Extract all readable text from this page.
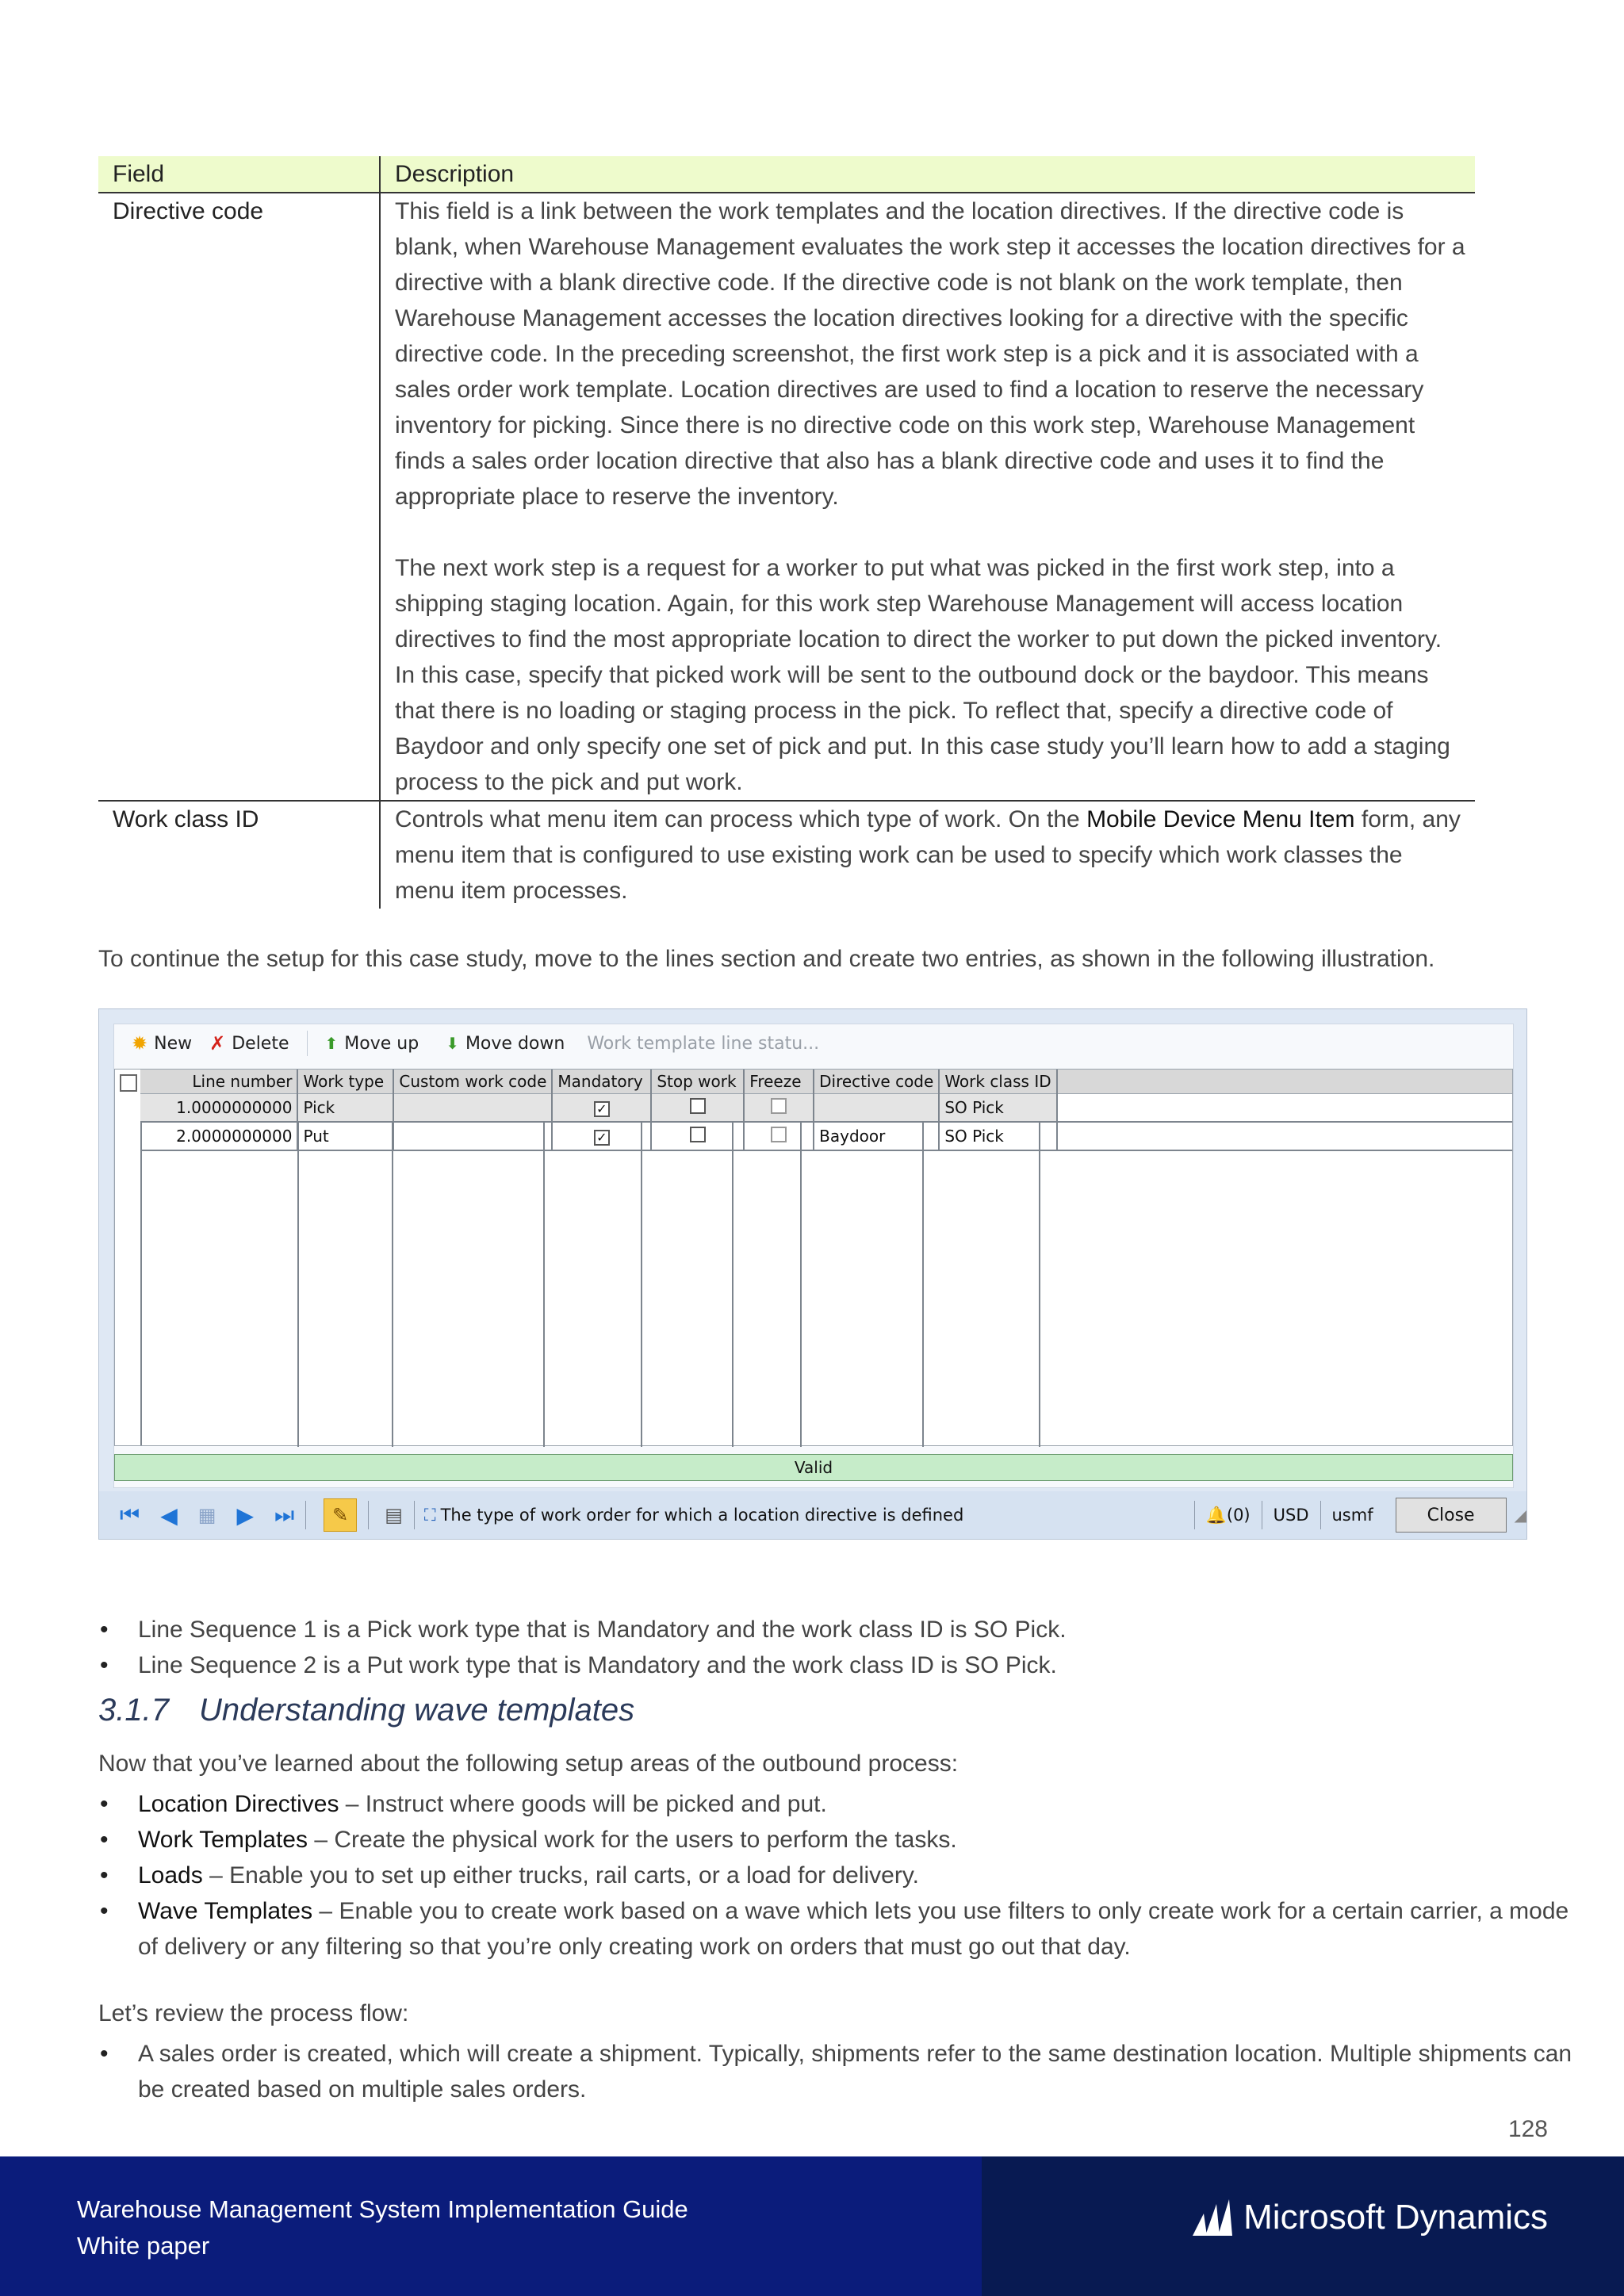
Field	Description
Directive code	This field is a link between the work templates and the location directives. If the directive code is blank, when Warehouse Management evaluates the work step it accesses the location directives for a directive with a blank directive code. If the directive code is not blank on the work template, then Warehouse Management accesses the location directives looking for a directive with the specific directive code. In the preceding screenshot, the first work step is a pick and it is associated with a sales order work template. Location directives are used to find a location to reserve the necessary inventory for picking. Since there is no directive code on this work step, Warehouse Management finds a sales order location directive that also has a blank directive code and uses it to find the appropriate place to reserve the inventory.

The next work step is a request for a worker to put what was picked in the first work step, into a shipping staging location. Again, for this work step Warehouse Management will access location directives to find the most appropriate location to direct the worker to put down the picked inventory. In this case, specify that picked work will be sent to the outbound dock or the baydoor. This means that there is no loading or staging process in the pick. To reflect that, specify a directive code of Baydoor and only specify one set of pick and put. In this case study you’ll learn how to add a staging process to the pick and put work.

Work class ID	Controls what menu item can process which type of work. On the Mobile Device Menu Item form, any menu item that is configured to use existing work can be used to specify which work classes the menu item processes.
To continue the setup for this case study, move to the lines section and create two entries, as shown in the following illustration.
✹ New ✗ Delete ⬆ Move up ⬇ Move down Work template line statu...
Line number	Work type	Custom work code	Mandatory	Stop work	Freeze	Directive code	Work class ID	
1.0000000000	Pick		✓				SO Pick	
2.0000000000	Put		✓			Baydoor	SO Pick	
Valid
⏮ ◀ ▦ ▶ ⏭	✎	▤ ⛶ The type of work order for which a location directive is defined	🔔(0) USD usmf	Close	◢
• Line Sequence 1 is a Pick work type that is Mandatory and the work class ID is SO Pick.
• Line Sequence 2 is a Put work type that is Mandatory and the work class ID is SO Pick.
3.1.7 Understanding wave templates
Now that you’ve learned about the following setup areas of the outbound process:
• Location Directives – Instruct where goods will be picked and put.
• Work Templates – Create the physical work for the users to perform the tasks.
• Loads – Enable you to set up either trucks, rail carts, or a load for delivery.
• Wave Templates – Enable you to create work based on a wave which lets you use filters to only create work for a certain carrier, a mode of delivery or any filtering so that you’re only creating work on orders that must go out that day.
Let’s review the process flow:
• A sales order is created, which will create a shipment. Typically, shipments refer to the same destination location. Multiple shipments can be created based on multiple sales orders.
128
Warehouse Management System Implementation Guide
White paper
Microsoft Dynamics
